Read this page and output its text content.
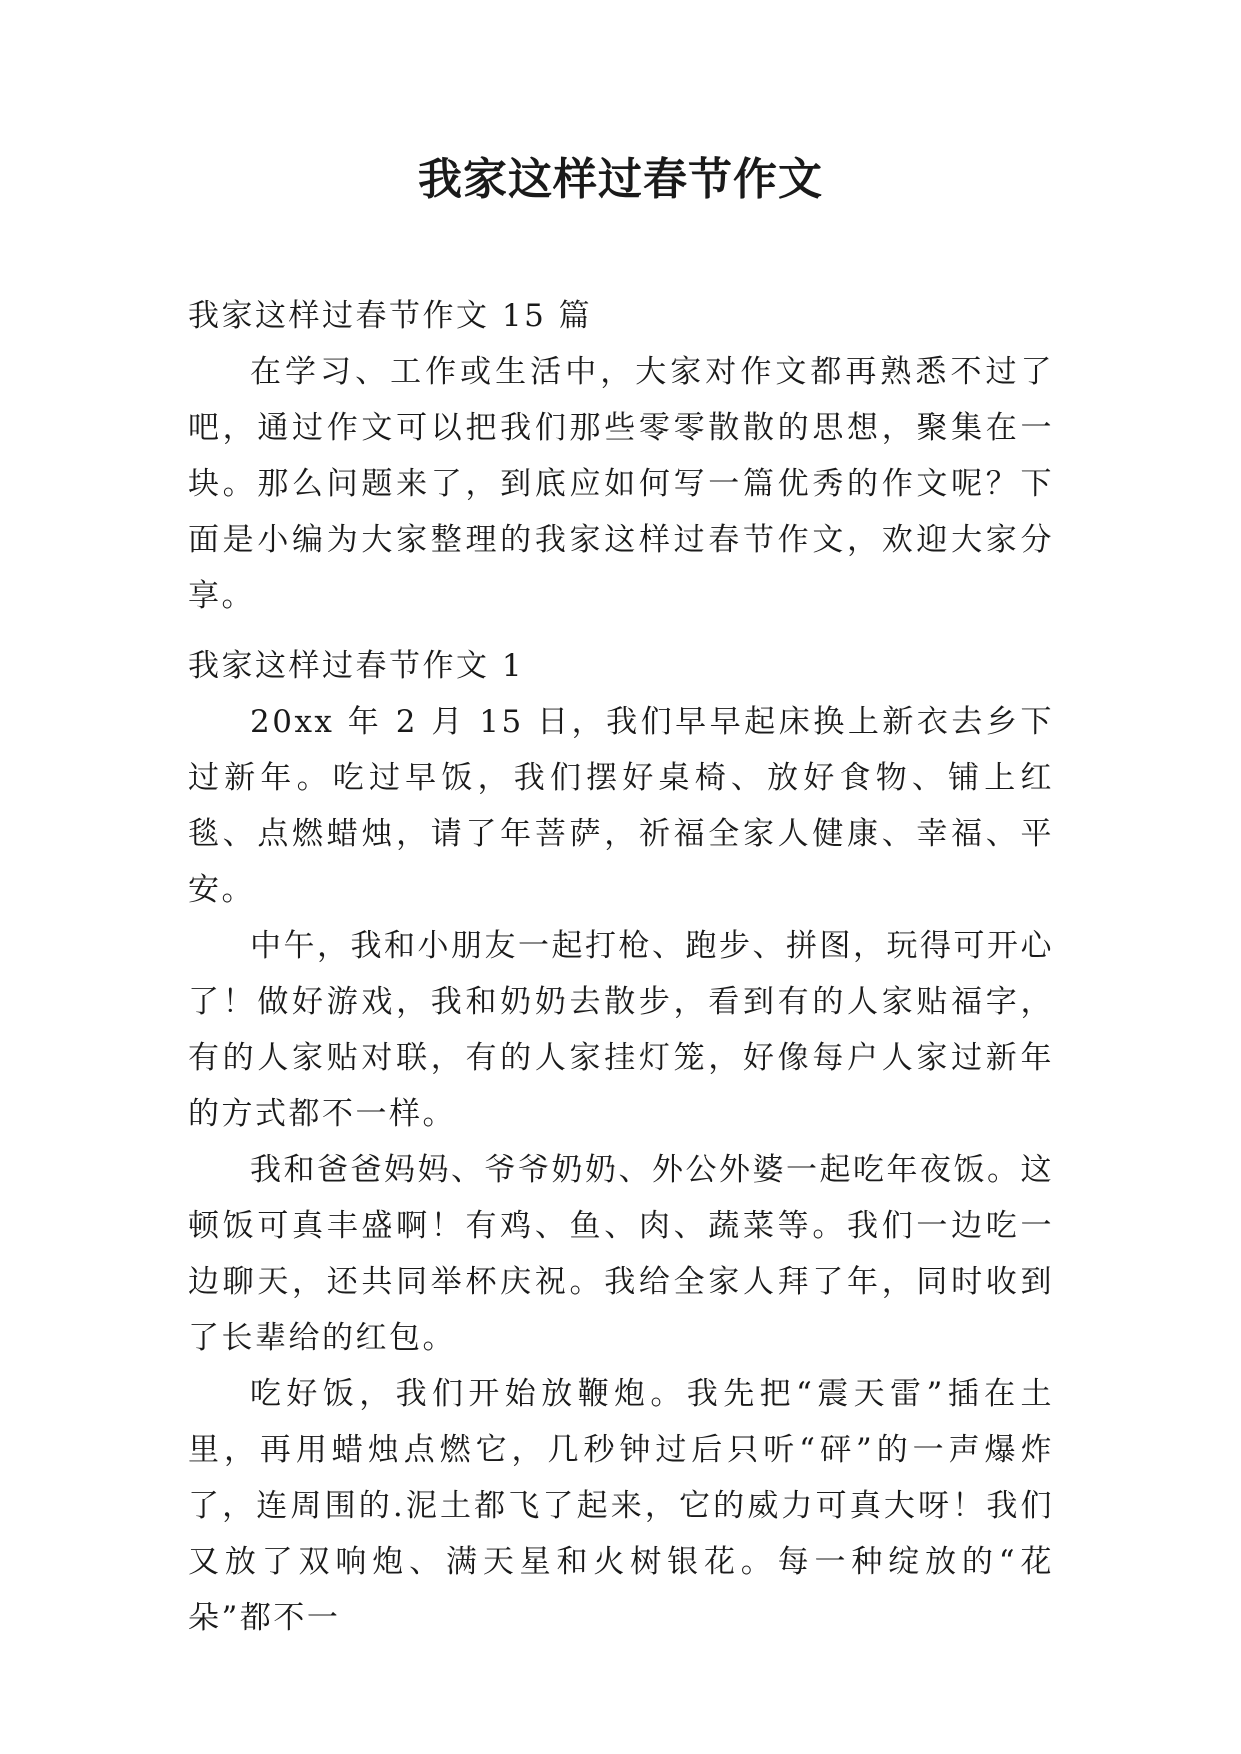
我家这样过春节作文

我家这样过春节作文 15 篇

在学习、工作或生活中，大家对作文都再熟悉不过了吧，通过作文可以把我们那些零零散散的思想，聚集在一块。那么问题来了，到底应如何写一篇优秀的作文呢？下面是小编为大家整理的我家这样过春节作文，欢迎大家分享。

我家这样过春节作文 1

20xx 年 2 月 15 日，我们早早起床换上新衣去乡下过新年。吃过早饭，我们摆好桌椅、放好食物、铺上红毯、点燃蜡烛，请了年菩萨，祈福全家人健康、幸福、平安。

中午，我和小朋友一起打枪、跑步、拼图，玩得可开心了！做好游戏，我和奶奶去散步，看到有的人家贴福字，有的人家贴对联，有的人家挂灯笼，好像每户人家过新年的方式都不一样。

我和爸爸妈妈、爷爷奶奶、外公外婆一起吃年夜饭。这顿饭可真丰盛啊！有鸡、鱼、肉、蔬菜等。我们一边吃一边聊天，还共同举杯庆祝。我给全家人拜了年，同时收到了长辈给的红包。

吃好饭，我们开始放鞭炮。我先把“震天雷”插在土里，再用蜡烛点燃它，几秒钟过后只听“砰”的一声爆炸了，连周围的.泥土都飞了起来，它的威力可真大呀！我们又放了双响炮、满天星和火树银花。每一种绽放的“花朵”都不一
